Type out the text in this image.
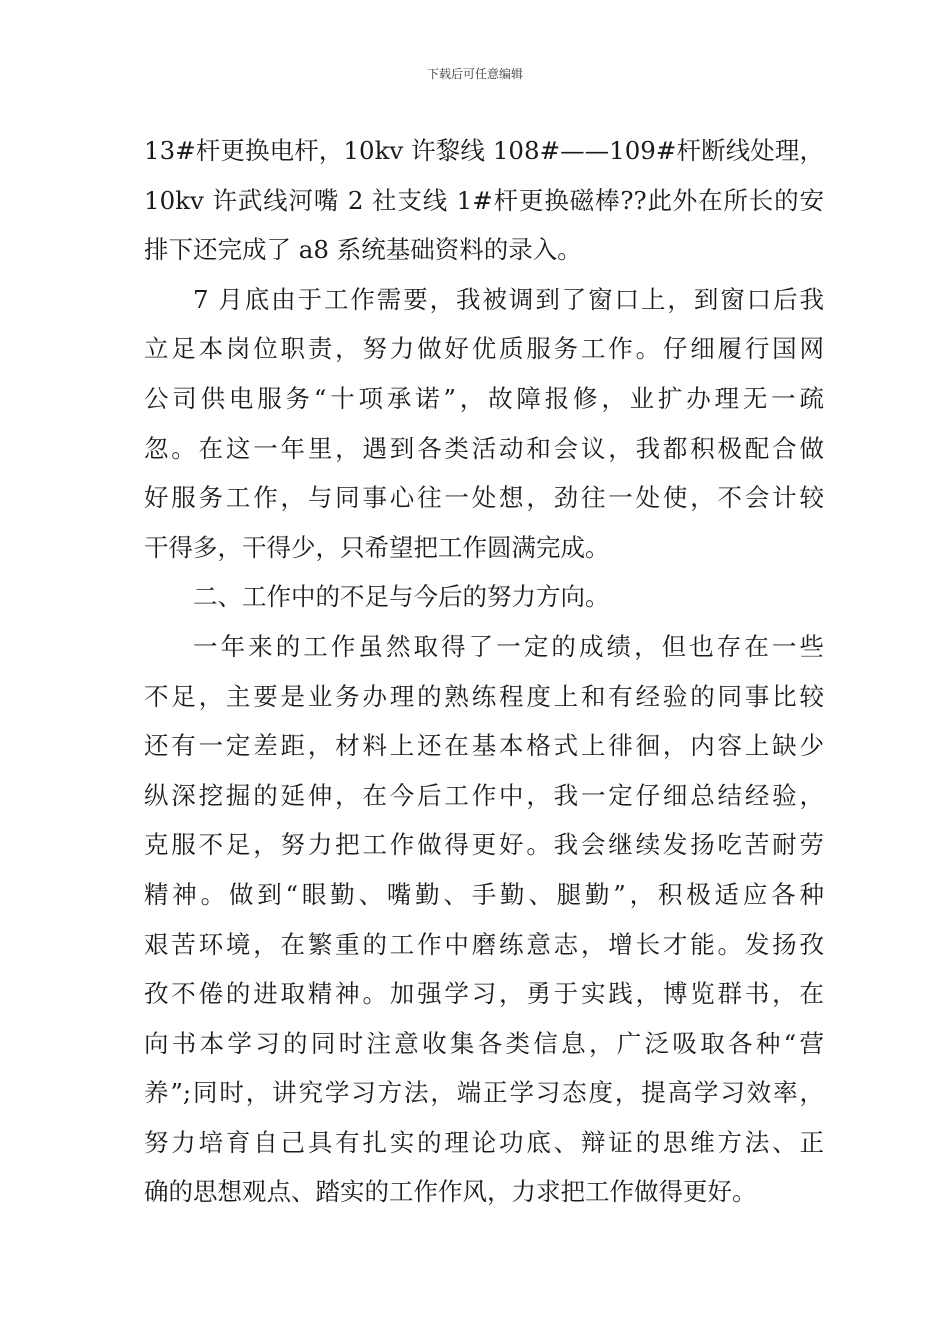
下载后可任意编辑
13#杆更换电杆，10kv 许黎线 108#——109#杆断线处理，
10kv 许武线河嘴 2 社支线 1#杆更换磁棒??此外在所长的安
排下还完成了 a8 系统基础资料的录入。
7 月底由于工作需要，我被调到了窗口上，到窗口后我
立足本岗位职责，努力做好优质服务工作。仔细履行国网
公司供电服务“十项承诺”，故障报修，业扩办理无一疏
忽。在这一年里，遇到各类活动和会议，我都积极配合做
好服务工作，与同事心往一处想，劲往一处使，不会计较
干得多，干得少，只希望把工作圆满完成。
二、工作中的不足与今后的努力方向。
一年来的工作虽然取得了一定的成绩，但也存在一些
不足，主要是业务办理的熟练程度上和有经验的同事比较
还有一定差距，材料上还在基本格式上徘徊，内容上缺少
纵深挖掘的延伸，在今后工作中，我一定仔细总结经验，
克服不足，努力把工作做得更好。我会继续发扬吃苦耐劳
精神。做到“眼勤、嘴勤、手勤、腿勤”，积极适应各种
艰苦环境，在繁重的工作中磨练意志，增长才能。发扬孜
孜不倦的进取精神。加强学习，勇于实践，博览群书，在
向书本学习的同时注意收集各类信息，广泛吸取各种“营
养”;同时，讲究学习方法，端正学习态度，提高学习效率，
努力培育自己具有扎实的理论功底、辩证的思维方法、正
确的思想观点、踏实的工作作风，力求把工作做得更好。
